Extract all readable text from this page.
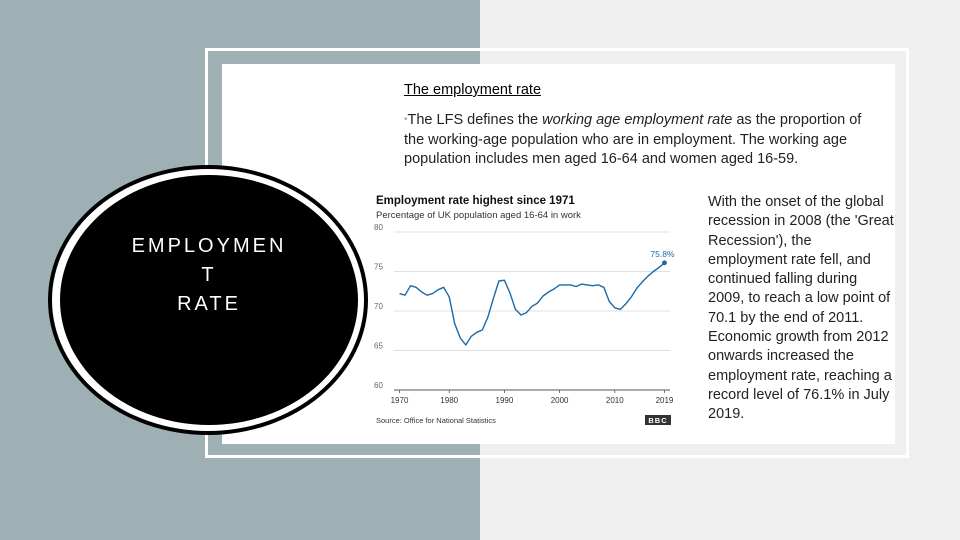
EMPLOYMEN
T
RATE
The employment rate

•The LFS defines the working age employment rate as the proportion of the working-age population who are in employment. The working age population includes men aged 16-64 and women aged 16-59.

Employment rate highest since 1971
Percentage of UK population aged 16-64 in work
60
65
70
75
80
1970	1980	1990	2000	2010	2019
75.8%
Source: Office for National Statistics	BBC

With the onset of the global recession in 2008 (the 'Great Recession'), the employment rate fell, and continued falling during 2009, to reach a low point of 70.1 by the end of 2011. Economic growth from 2012 onwards increased the employment rate, reaching a record level of 76.1% in July 2019.
